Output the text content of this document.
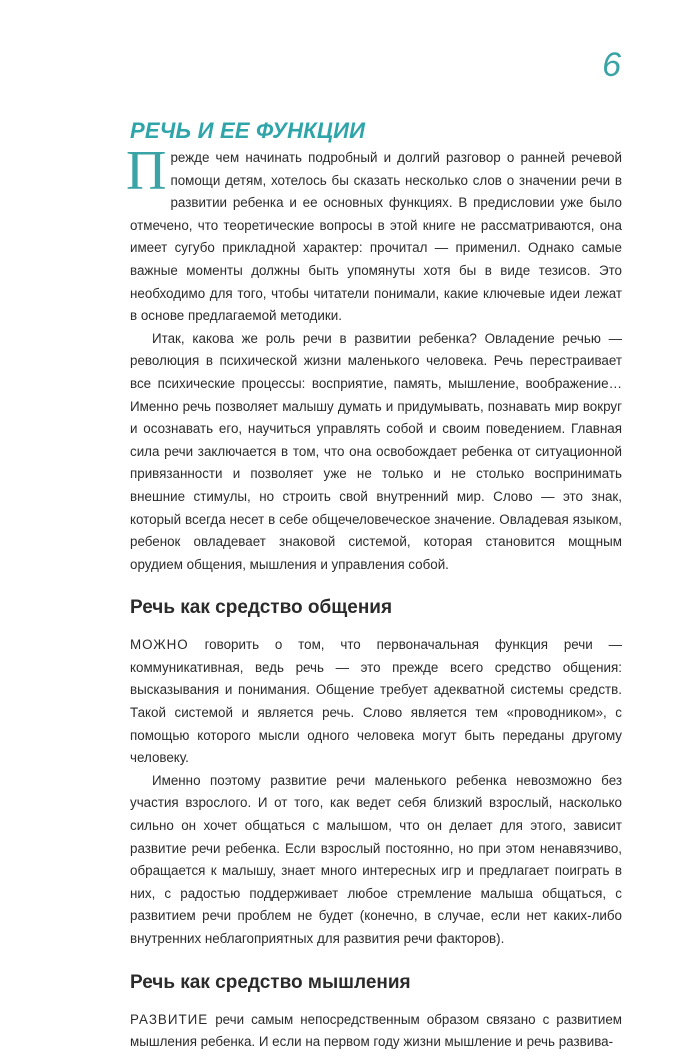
6
РЕЧЬ И ЕЕ ФУНКЦИИ

Прежде чем начинать подробный и долгий разговор о ранней речевой помощи детям, хотелось бы сказать несколько слов о значении речи в развитии ребенка и ее основных функциях. В предисловии уже было отмечено, что теоретические вопросы в этой книге не рассматриваются, она имеет сугубо прикладной характер: прочитал — применил. Однако самые важные моменты должны быть упомянуты хотя бы в виде тезисов. Это необходимо для того, чтобы читатели понимали, какие ключевые идеи лежат в основе предлагаемой методики.

Итак, какова же роль речи в развитии ребенка? Овладение речью — революция в психической жизни маленького человека. Речь перестраивает все психические процессы: восприятие, память, мышление, воображение… Именно речь позволяет малышу думать и придумывать, познавать мир вокруг и осознавать его, научиться управлять собой и своим поведением. Главная сила речи заключается в том, что она освобождает ребенка от ситуационной привязанности и позволяет уже не только и не столько воспринимать внешние стимулы, но строить свой внутренний мир. Слово — это знак, который всегда несет в себе общечеловеческое значение. Овладевая языком, ребенок овладевает знаковой системой, которая становится мощным орудием общения, мышления и управления собой.

Речь как средство общения

МОЖНО говорить о том, что первоначальная функция речи — коммуникативная, ведь речь — это прежде всего средство общения: высказывания и понимания. Общение требует адекватной системы средств. Такой системой и является речь. Слово является тем «проводником», с помощью которого мысли одного человека могут быть переданы другому человеку.

Именно поэтому развитие речи маленького ребенка невозможно без участия взрослого. И от того, как ведет себя близкий взрослый, насколько сильно он хочет общаться с малышом, что он делает для этого, зависит развитие речи ребенка. Если взрослый постоянно, но при этом ненавязчиво, обращается к малышу, знает много интересных игр и предлагает поиграть в них, с радостью поддерживает любое стремление малыша общаться, с развитием речи проблем не будет (конечно, в случае, если нет каких-либо внутренних неблагоприятных для развития речи факторов).

Речь как средство мышления

РАЗВИТИЕ речи самым непосредственным образом связано с развитием мышления ребенка. И если на первом году жизни мышление и речь развива-
